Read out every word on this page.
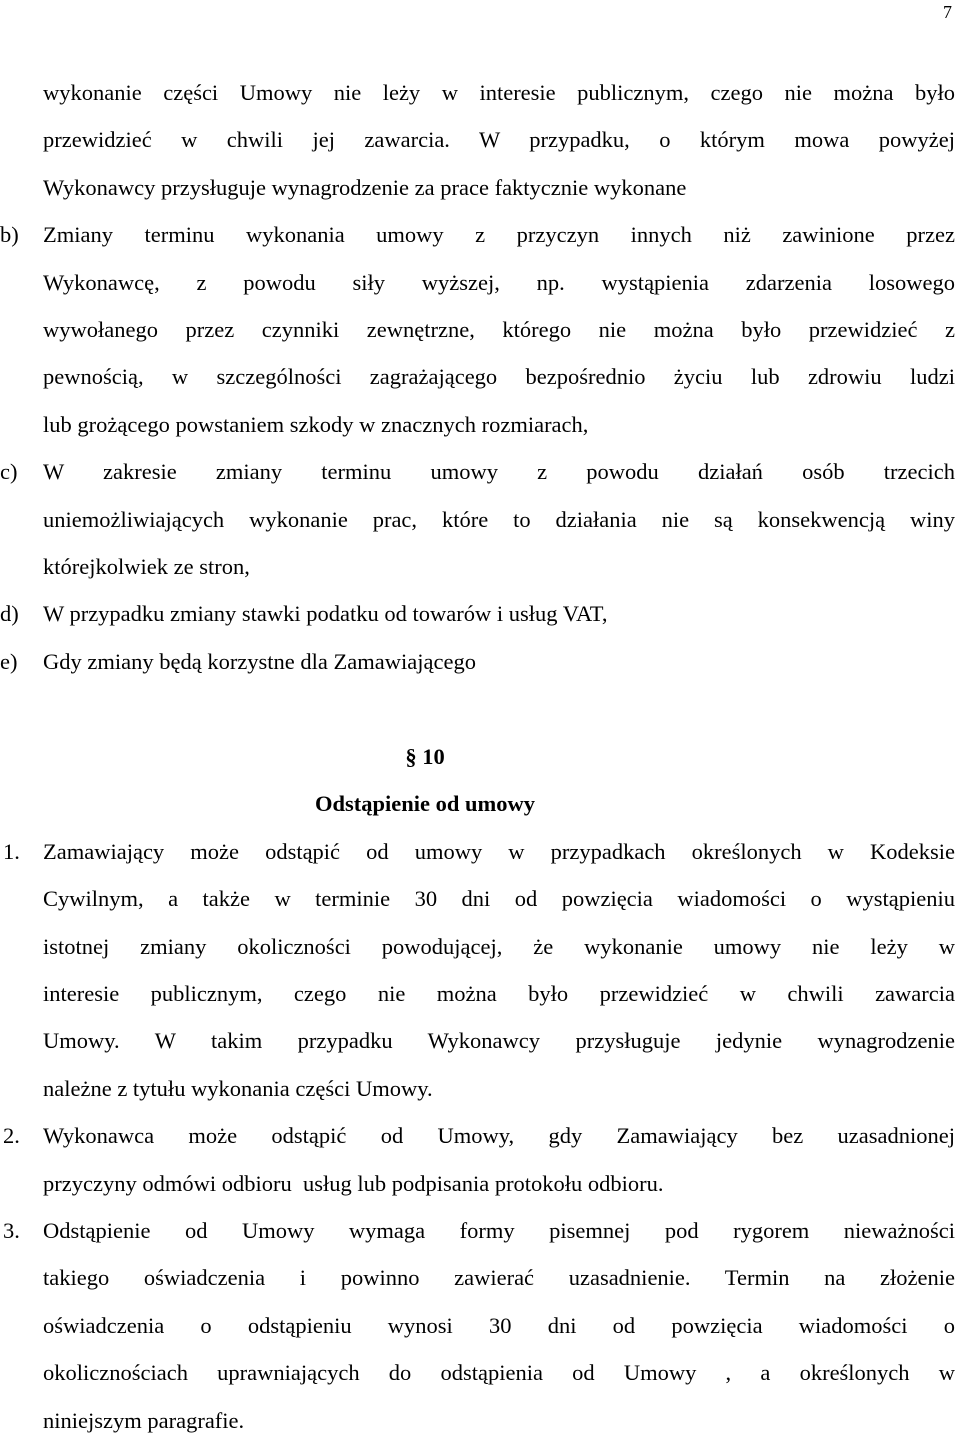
7
wykonanie części Umowy nie leży w interesie publicznym, czego nie można było
przewidzieć w chwili jej zawarcia. W przypadku, o którym mowa powyżej
Wykonawcy przysługuje wynagrodzenie za prace faktycznie wykonane
b) Zmiany terminu wykonania umowy z przyczyn innych niż zawinione przez
Wykonawcę, z powodu siły wyższej, np. wystąpienia zdarzenia losowego
wywołanego przez czynniki zewnętrzne, którego nie można było przewidzieć z
pewnością, w szczególności zagrażającego bezpośrednio życiu lub zdrowiu ludzi
lub grożącego powstaniem szkody w znacznych rozmiarach,
c) W zakresie zmiany terminu umowy z powodu działań osób trzecich
uniemożliwiających wykonanie prac, które to działania nie są konsekwencją winy
którejkolwiek ze stron,
d) W przypadku zmiany stawki podatku od towarów i usług VAT,
e) Gdy zmiany będą korzystne dla Zamawiającego
§ 10
Odstąpienie od umowy
1. Zamawiający może odstąpić od umowy w przypadkach określonych w Kodeksie
Cywilnym, a także w terminie 30 dni od powzięcia wiadomości o wystąpieniu
istotnej zmiany okoliczności powodującej, że wykonanie umowy nie leży w
interesie publicznym, czego nie można było przewidzieć w chwili zawarcia
Umowy. W takim przypadku Wykonawcy przysługuje jedynie wynagrodzenie
należne z tytułu wykonania części Umowy.
2. Wykonawca może odstąpić od Umowy, gdy Zamawiający bez uzasadnionej
przyczyny odmówi odbioru  usług lub podpisania protokołu odbioru.
3. Odstąpienie od Umowy wymaga formy pisemnej pod rygorem nieważności
takiego oświadczenia i powinno zawierać uzasadnienie. Termin na złożenie
oświadczenia o odstąpieniu wynosi 30 dni od powzięcia wiadomości o
okolicznościach uprawniających do odstąpienia od Umowy , a określonych w
niniejszym paragrafie.
